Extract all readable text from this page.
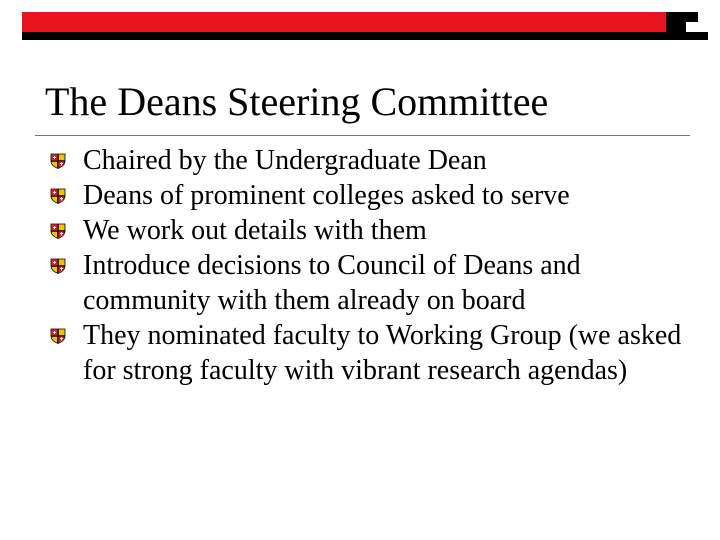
The Deans Steering Committee
Chaired by the Undergraduate Dean
Deans of prominent colleges asked to serve
We work out details with them
Introduce decisions to Council of Deans and community with them already on board
They nominated faculty to Working Group (we asked for strong faculty with vibrant research agendas)
